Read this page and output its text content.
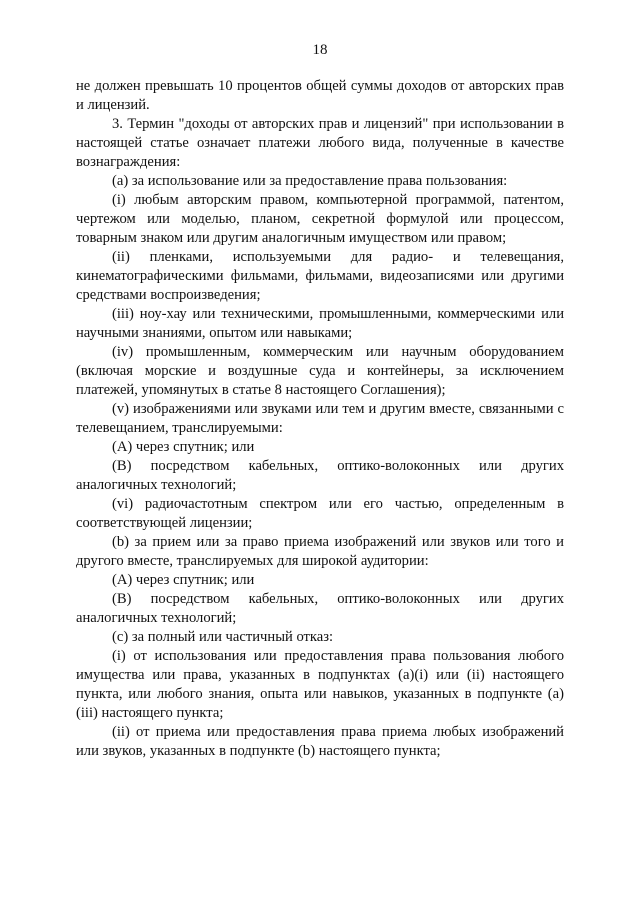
18

не должен превышать 10 процентов общей суммы доходов от авторских прав и лицензий.

3. Термин "доходы от авторских прав и лицензий" при использовании в настоящей статье означает платежи любого вида, полученные в качестве вознаграждения:

(a) за использование или за предоставление права пользования:

(i) любым авторским правом, компьютерной программой, патентом, чертежом или моделью, планом, секретной формулой или процессом, товарным знаком или другим аналогичным имуществом или правом;

(ii) пленками, используемыми для радио- и телевещания, кинематографическими фильмами, фильмами, видеозаписями или другими средствами воспроизведения;

(iii) ноу-хау или техническими, промышленными, коммерческими или научными знаниями, опытом или навыками;

(iv) промышленным, коммерческим или научным оборудованием (включая морские и воздушные суда и контейнеры, за исключением платежей, упомянутых в статье 8 настоящего Соглашения);

(v) изображениями или звуками или тем и другим вместе, связанными с телевещанием, транслируемыми:

(A) через спутник; или

(B) посредством кабельных, оптико-волоконных или других аналогичных технологий;

(vi) радиочастотным спектром или его частью, определенным в соответствующей лицензии;

(b) за прием или за право приема изображений или звуков или того и другого вместе, транслируемых для широкой аудитории:

(A) через спутник; или

(B) посредством кабельных, оптико-волоконных или других аналогичных технологий;

(c) за полный или частичный отказ:

(i) от использования или предоставления права пользования любого имущества или права, указанных в подпунктах (a)(i) или (ii) настоящего пункта, или любого знания, опыта или навыков, указанных в подпункте (a)(iii) настоящего пункта;

(ii) от приема или предоставления права приема любых изображений или звуков, указанных в подпункте (b) настоящего пункта;
